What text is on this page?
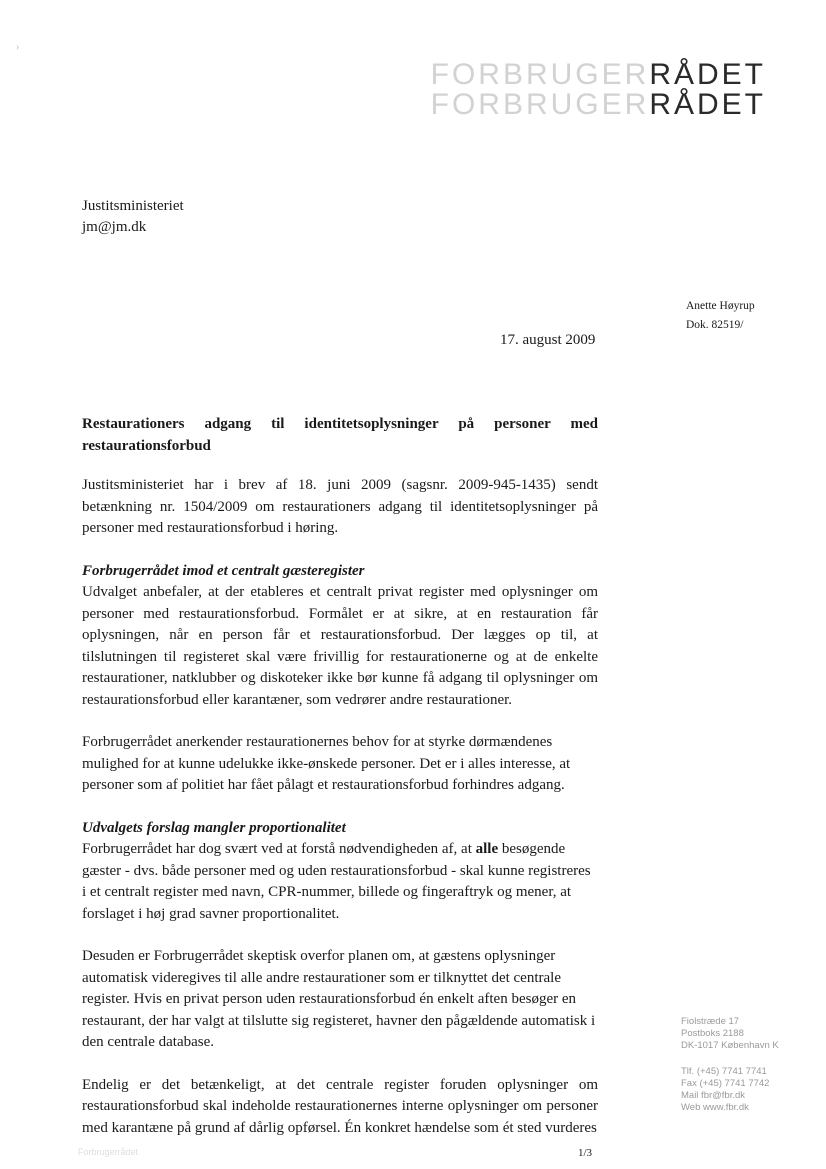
›
FORBRUGERRÅDET
FORBRUGERRÅDET
Justitsministeriet
jm@jm.dk
Anette Høyrup
Dok. 82519/
17. august 2009
Restaurationers adgang til identitetsoplysninger på personer med restaurationsforbud
Justitsministeriet har i brev af 18. juni 2009 (sagsnr. 2009-945-1435) sendt betænkning nr. 1504/2009 om restaurationers adgang til identitetsoplysninger på personer med restaurationsforbud i høring.
Forbrugerrådet imod et centralt gæsteregister
Udvalget anbefaler, at der etableres et centralt privat register med oplysninger om personer med restaurationsforbud. Formålet er at sikre, at en restauration får oplysningen, når en person får et restaurationsforbud. Der lægges op til, at tilslutningen til registeret skal være frivillig for restaurationerne og at de enkelte restaurationer, natklubber og diskoteker ikke bør kunne få adgang til oplysninger om restaurationsforbud eller karantæner, som vedrører andre restaurationer.
Forbrugerrådet anerkender restaurationernes behov for at styrke dørmændenes mulighed for at kunne udelukke ikke-ønskede personer. Det er i alles interesse, at personer som af politiet har fået pålagt et restaurationsforbud forhindres adgang.
Udvalgets forslag mangler proportionalitet
Forbrugerrådet har dog svært ved at forstå nødvendigheden af, at alle besøgende gæster - dvs. både personer med og uden restaurationsforbud - skal kunne registreres i et centralt register med navn, CPR-nummer, billede og fingeraftryk og mener, at forslaget i høj grad savner proportionalitet.
Desuden er Forbrugerrådet skeptisk overfor planen om, at gæstens oplysninger automatisk videregives til alle andre restaurationer som er tilknyttet det centrale register. Hvis en privat person uden restaurationsforbud én enkelt aften besøger en restaurant, der har valgt at tilslutte sig registeret, havner den pågældende automatisk i den centrale database.
Endelig er det betænkeligt, at det centrale register foruden oplysninger om restaurationsforbud skal indeholde restaurationernes interne oplysninger om personer med karantæne på grund af dårlig opførsel. Én konkret hændelse som ét sted vurderes
Fiolstræde 17
Postboks 2188
DK-1017 København K
Tlf. (+45) 7741 7741
Fax (+45) 7741 7742
Mail fbr@fbr.dk
Web www.fbr.dk
Forbrugerrådet	1/3
